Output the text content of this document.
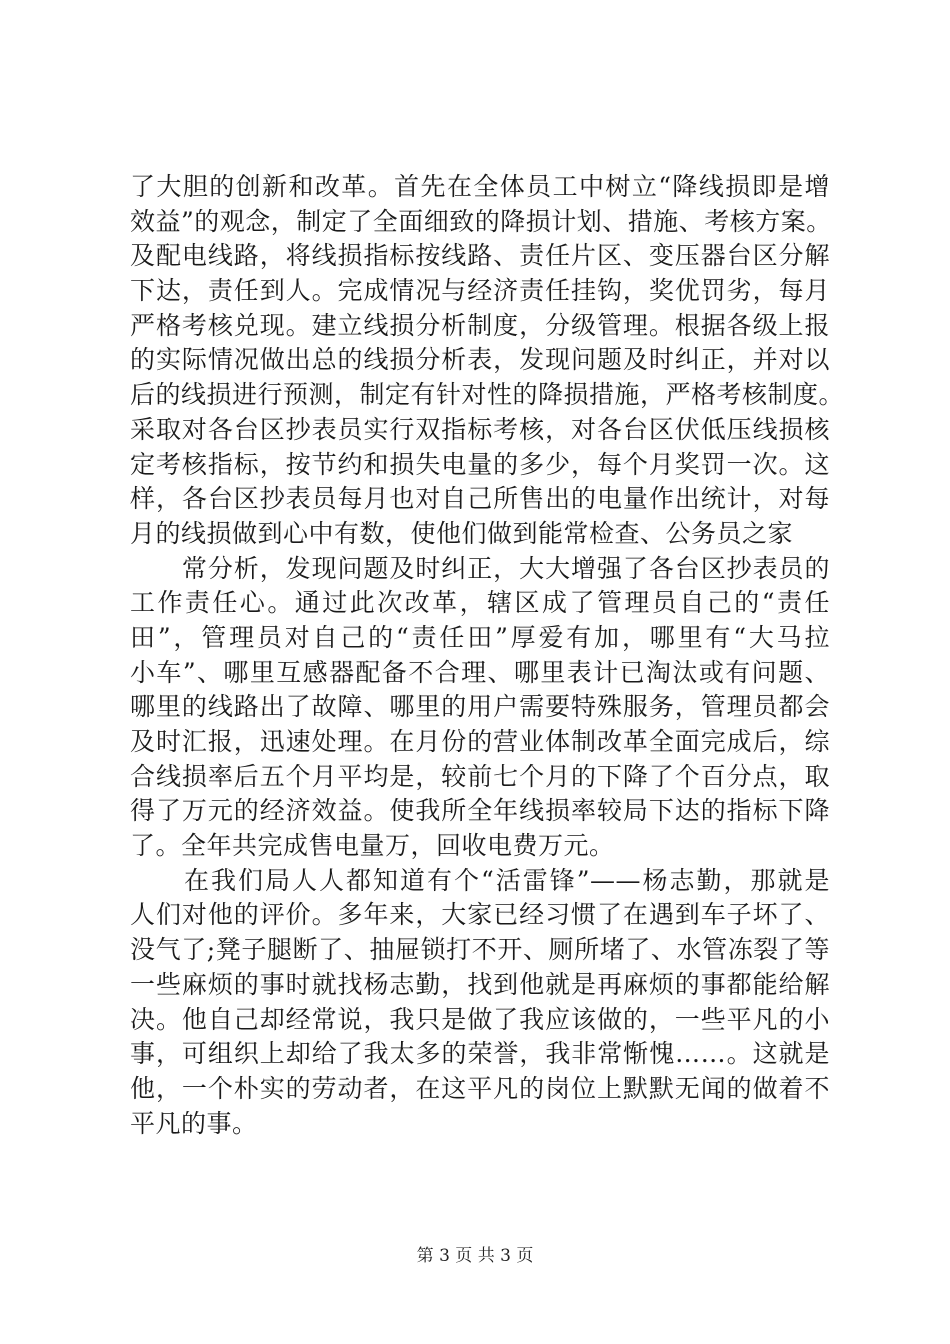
了大胆的创新和改革。首先在全体员工中树立“降线损即是增
效益”的观念，制定了全面细致的降损计划、措施、考核方案。
及配电线路，将线损指标按线路、责任片区、变压器台区分解
下达，责任到人。完成情况与经济责任挂钩，奖优罚劣，每月
严格考核兑现。建立线损分析制度，分级管理。根据各级上报
的实际情况做出总的线损分析表，发现问题及时纠正，并对以
后的线损进行预测，制定有针对性的降损措施，严格考核制度。
采取对各台区抄表员实行双指标考核，对各台区伏低压线损核
定考核指标，按节约和损失电量的多少，每个月奖罚一次。这
样，各台区抄表员每月也对自己所售出的电量作出统计，对每
月的线损做到心中有数，使他们做到能常检查、公务员之家
　　常分析，发现问题及时纠正，大大增强了各台区抄表员的
工作责任心。通过此次改革，辖区成了管理员自己的“责任
田”，管理员对自己的“责任田”厚爱有加，哪里有“大马拉
小车”、哪里互感器配备不合理、哪里表计已淘汰或有问题、
哪里的线路出了故障、哪里的用户需要特殊服务，管理员都会
及时汇报，迅速处理。在月份的营业体制改革全面完成后，综
合线损率后五个月平均是，较前七个月的下降了个百分点，取
得了万元的经济效益。使我所全年线损率较局下达的指标下降
了。全年共完成售电量万，回收电费万元。
　　在我们局人人都知道有个“活雷锋”——杨志勤，那就是
人们对他的评价。多年来，大家已经习惯了在遇到车子坏了、
没气了;凳子腿断了、抽屉锁打不开、厕所堵了、水管冻裂了等
一些麻烦的事时就找杨志勤，找到他就是再麻烦的事都能给解
决。他自己却经常说，我只是做了我应该做的，一些平凡的小
事，可组织上却给了我太多的荣誉，我非常惭愧……。这就是
他，一个朴实的劳动者，在这平凡的岗位上默默无闻的做着不
平凡的事。
第 3 页 共 3 页
